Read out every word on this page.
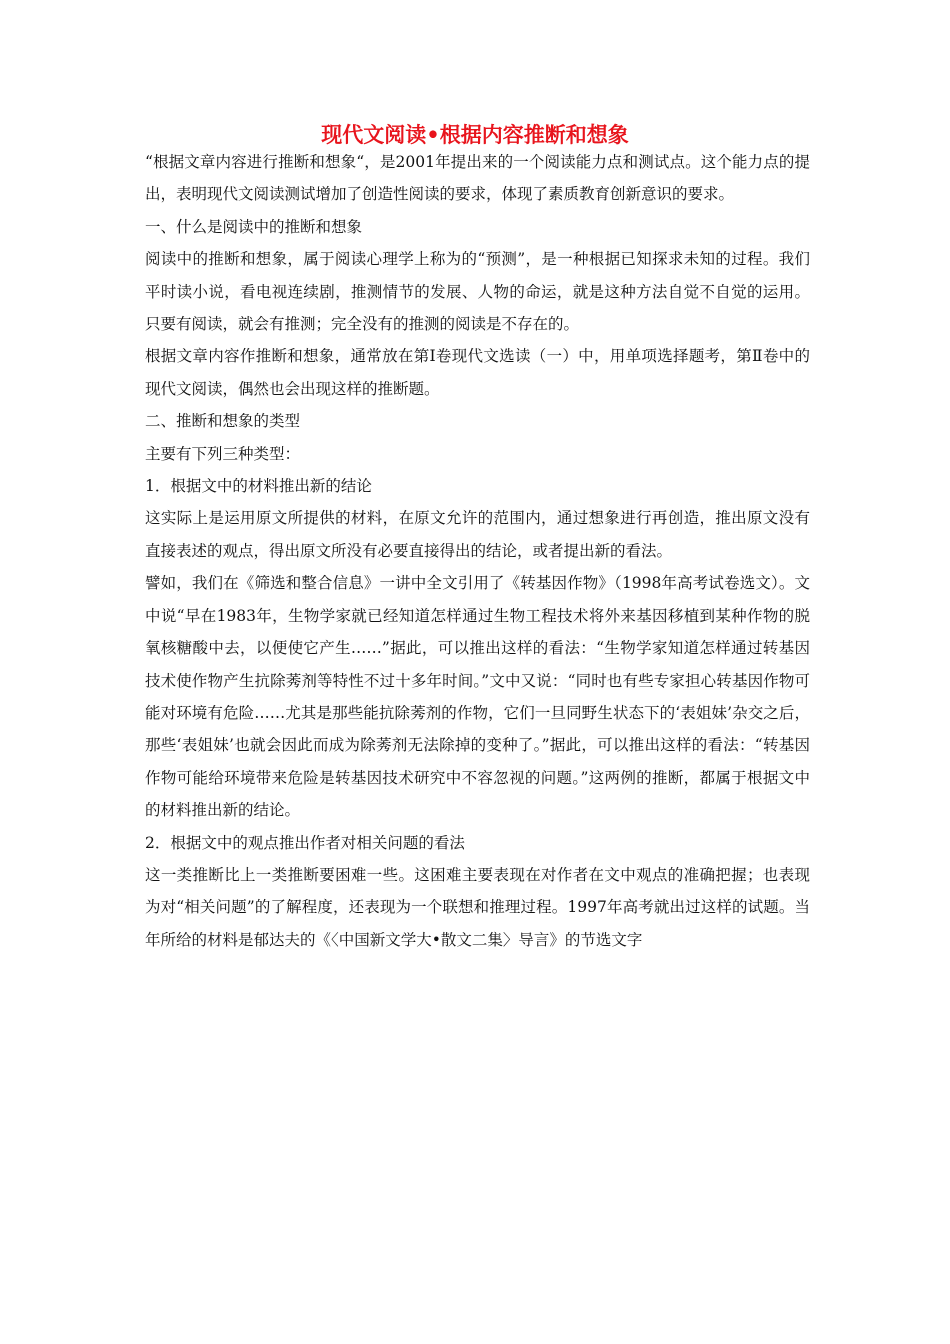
现代文阅读•根据内容推断和想象

“根据文章内容进行推断和想象“，是2001年提出来的一个阅读能力点和测试点。这个能力点的提出，表明现代文阅读测试增加了创造性阅读的要求，体现了素质教育创新意识的要求。

一、什么是阅读中的推断和想象

阅读中的推断和想象，属于阅读心理学上称为的“预测”，是一种根据已知探求未知的过程。我们平时读小说，看电视连续剧，推测情节的发展、人物的命运，就是这种方法自觉不自觉的运用。只要有阅读，就会有推测；完全没有的推测的阅读是不存在的。

根据文章内容作推断和想象，通常放在第Ⅰ卷现代文选读（一）中，用单项选择题考，第Ⅱ卷中的现代文阅读，偶然也会出现这样的推断题。

二、推断和想象的类型

主要有下列三种类型：

1．根据文中的材料推出新的结论

这实际上是运用原文所提供的材料，在原文允许的范围内，通过想象进行再创造，推出原文没有直接表述的观点，得出原文所没有必要直接得出的结论，或者提出新的看法。

譬如，我们在《筛选和整合信息》一讲中全文引用了《转基因作物》（1998年高考试卷选文）。文中说“早在1983年，生物学家就已经知道怎样通过生物工程技术将外来基因移植到某种作物的脱氧核糖酸中去，以便使它产生……”据此，可以推出这样的看法：“生物学家知道怎样通过转基因技术使作物产生抗除莠剂等特性不过十多年时间。”文中又说：“同时也有些专家担心转基因作物可能对环境有危险……尤其是那些能抗除莠剂的作物，它们一旦同野生状态下的‘表姐妹’杂交之后，那些‘表姐妹’也就会因此而成为除莠剂无法除掉的变种了。”据此，可以推出这样的看法：“转基因作物可能给环境带来危险是转基因技术研究中不容忽视的问题。”这两例的推断，都属于根据文中的材料推出新的结论。

2．根据文中的观点推出作者对相关问题的看法

这一类推断比上一类推断要困难一些。这困难主要表现在对作者在文中观点的准确把握；也表现为对“相关问题”的了解程度，还表现为一个联想和推理过程。1997年高考就出过这样的试题。当年所给的材料是郁达夫的《〈中国新文学大•散文二集〉导言》的节选文字
